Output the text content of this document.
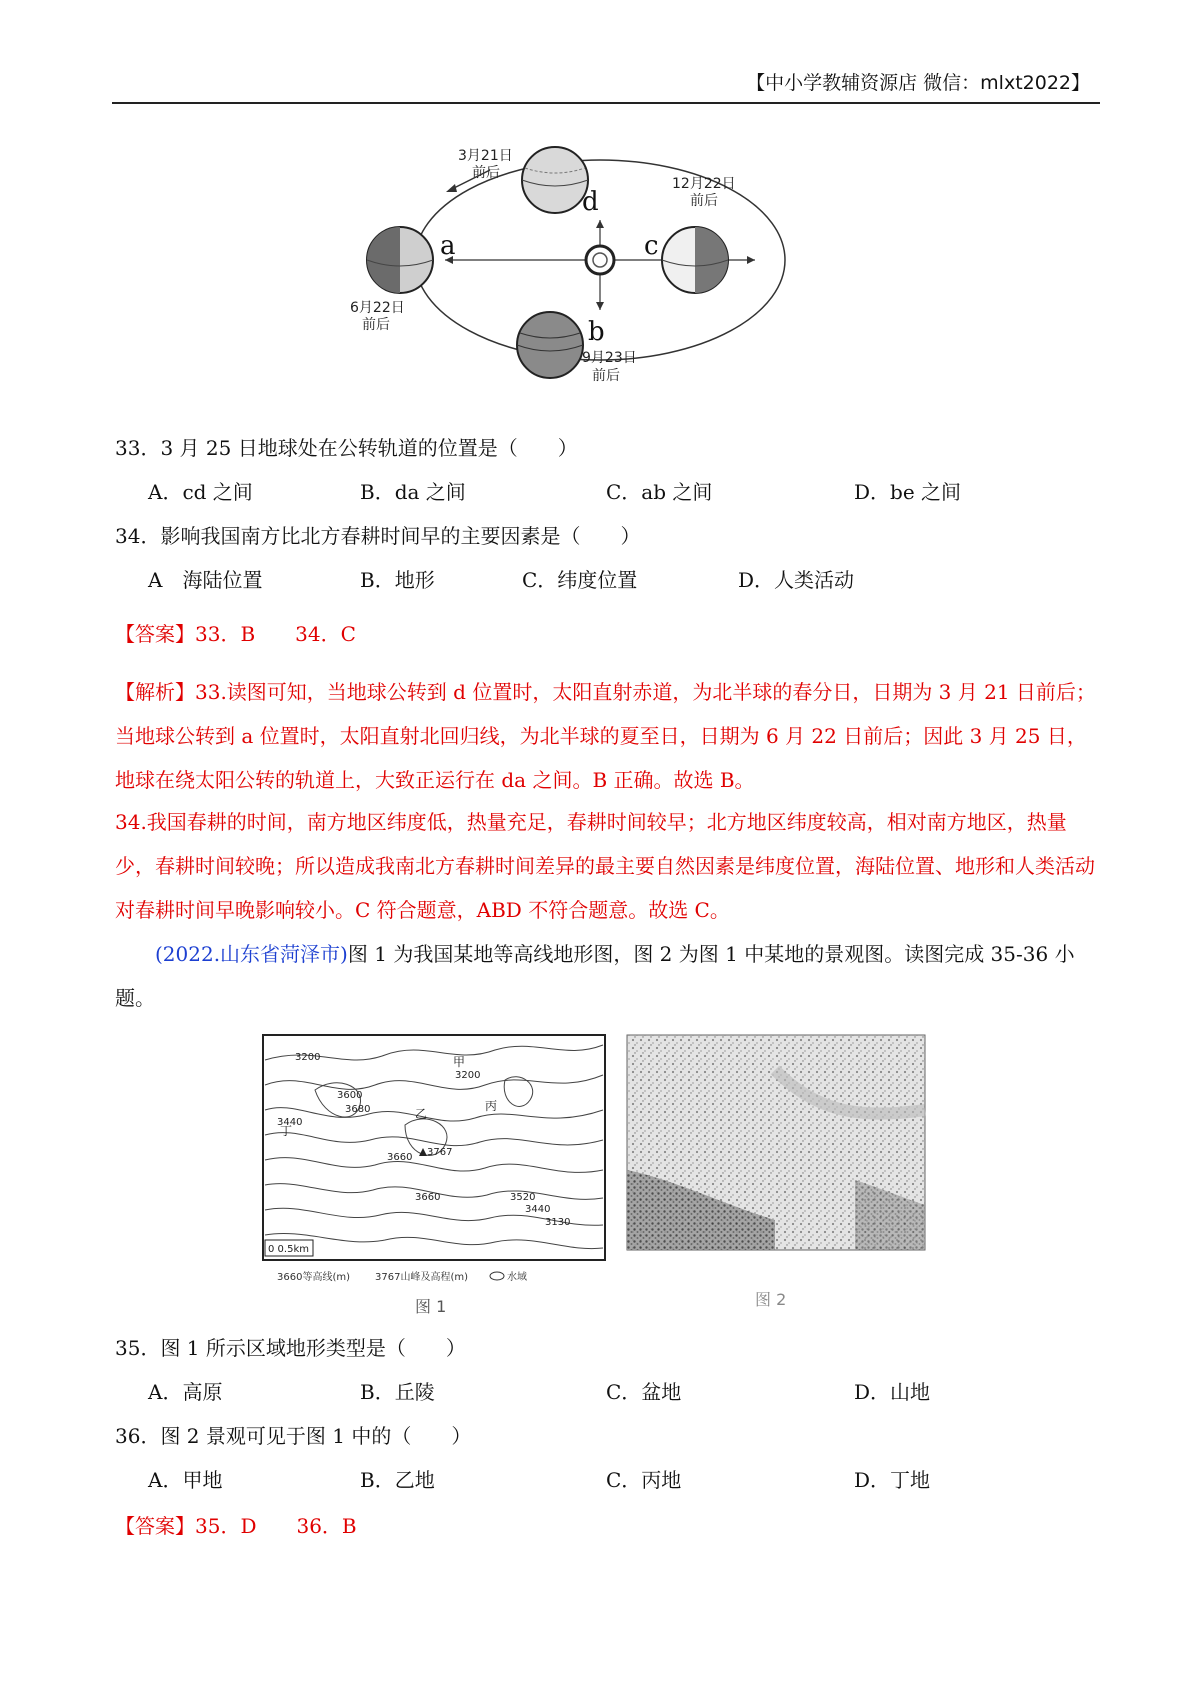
【中小学教辅资源店 微信：mlxt2022】
a	c
d
b
3月21日
前后
12月22日
前后
6月22日
前后
9月23日
前后
33．3 月 25 日地球处在公转轨道的位置是（　　）
A．cd 之间	B．da 之间	C．ab 之间	D．be 之间
34．影响我国南方比北方春耕时间早的主要因素是（　　）
A　海陆位置	B．地形	C．纬度位置	D．人类活动
【答案】33．B　　34．C
【解析】33.读图可知，当地球公转到 d 位置时，太阳直射赤道，为北半球的春分日，日期为 3 月 21 日前后；当地球公转到 a 位置时，太阳直射北回归线，为北半球的夏至日，日期为 6 月 22 日前后；因此 3 月 25 日，地球在绕太阳公转的轨道上，大致正运行在 da 之间。B 正确。故选 B。
34.我国春耕的时间，南方地区纬度低，热量充足，春耕时间较早；北方地区纬度较高，相对南方地区，热量少，春耕时间较晚；所以造成我南北方春耕时间差异的最主要自然因素是纬度位置，海陆位置、地形和人类活动对春耕时间早晚影响较小。C 符合题意，ABD 不符合题意。故选 C。
(2022.山东省菏泽市)图 1 为我国某地等高线地形图，图 2 为图 1 中某地的景观图。读图完成 35-36 小题。
3200
3440
3600
3680
3660
3520
3440
3130
3200
3660
甲
乙
丙
丁
3767
0 0.5km
3660等高线(m)	3767山峰及高程(m)	水域
图 1	图 2
35．图 1 所示区域地形类型是（　　）
A．高原	B．丘陵	C．盆地	D．山地
36．图 2 景观可见于图 1 中的（　　）
A．甲地	B．乙地	C．丙地	D．丁地
【答案】35．D　　36．B
